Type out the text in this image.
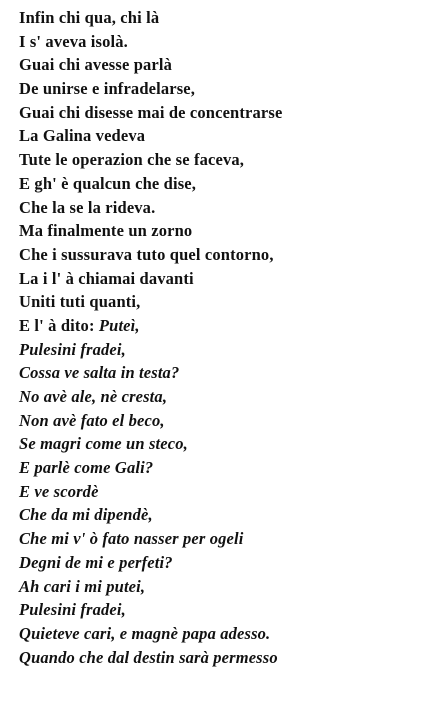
Infin chi qua, chi là
I s' aveva isolà.
Guai chi avesse parlà
De unirse e infradelarse,
Guai chi disesse mai de concentrarse
La Galina vedeva
Tute le operazion che se faceva,
E gh' è qualcun che dise,
Che la se la rideva.
Ma finalmente un zorno
Che i sussurava tuto quel contorno,
La i l' à chiamai davanti
Uniti tuti quanti,
E l' à dito: Puteì,
Pulesini fradei,
Cossa ve salta in testa?
No avè ale, nè cresta,
Non avè fato el beco,
Se magri come un steco,
E parlè come Gali?
E ve scordè
Che da mi dipendè,
Che mi v' ò fato nasser per ogeli
Degni de mi e perfeti?
Ah cari i mi putei,
Pulesini fradei,
Quieteve cari, e magnè papa adesso.
Quando che dal destin sarà permesso
